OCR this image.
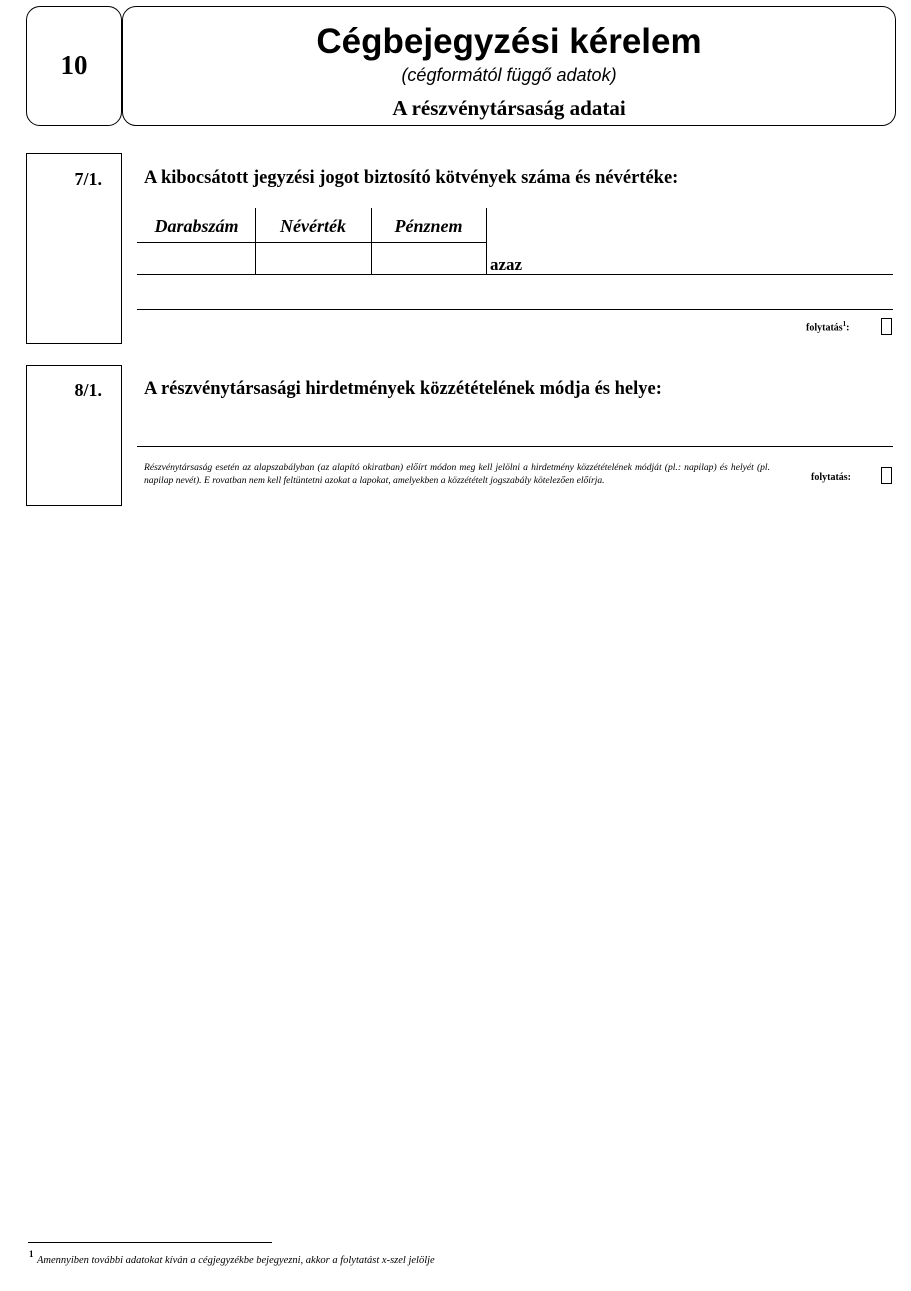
10
Cégbejegyzési kérelem
(cégformától függő adatok)
A részvénytársaság adatai
7/1. A kibocsátott jegyzési jogot biztosító kötvények száma és névértéke:
Darabszám	Névérték	Pénznem
azaz
folytatás$^1$:
8/1. A részvénytársasági hirdetmények közzétételének módja és helye:
Részvénytársaság esetén az alapszabályban (az alapító okiratban) előírt módon meg kell jelölni a hirdetmény közzétételének módját (pl.: napilap) és helyét (pl. napilap nevét). E rovatban nem kell feltüntetni azokat a lapokat, amelyekben a közzétételt jogszabály kötelezően előírja.	folytatás:
1
Amennyiben további adatokat kíván a cégjegyzékbe bejegyezni, akkor a folytatást x-szel jelölje
